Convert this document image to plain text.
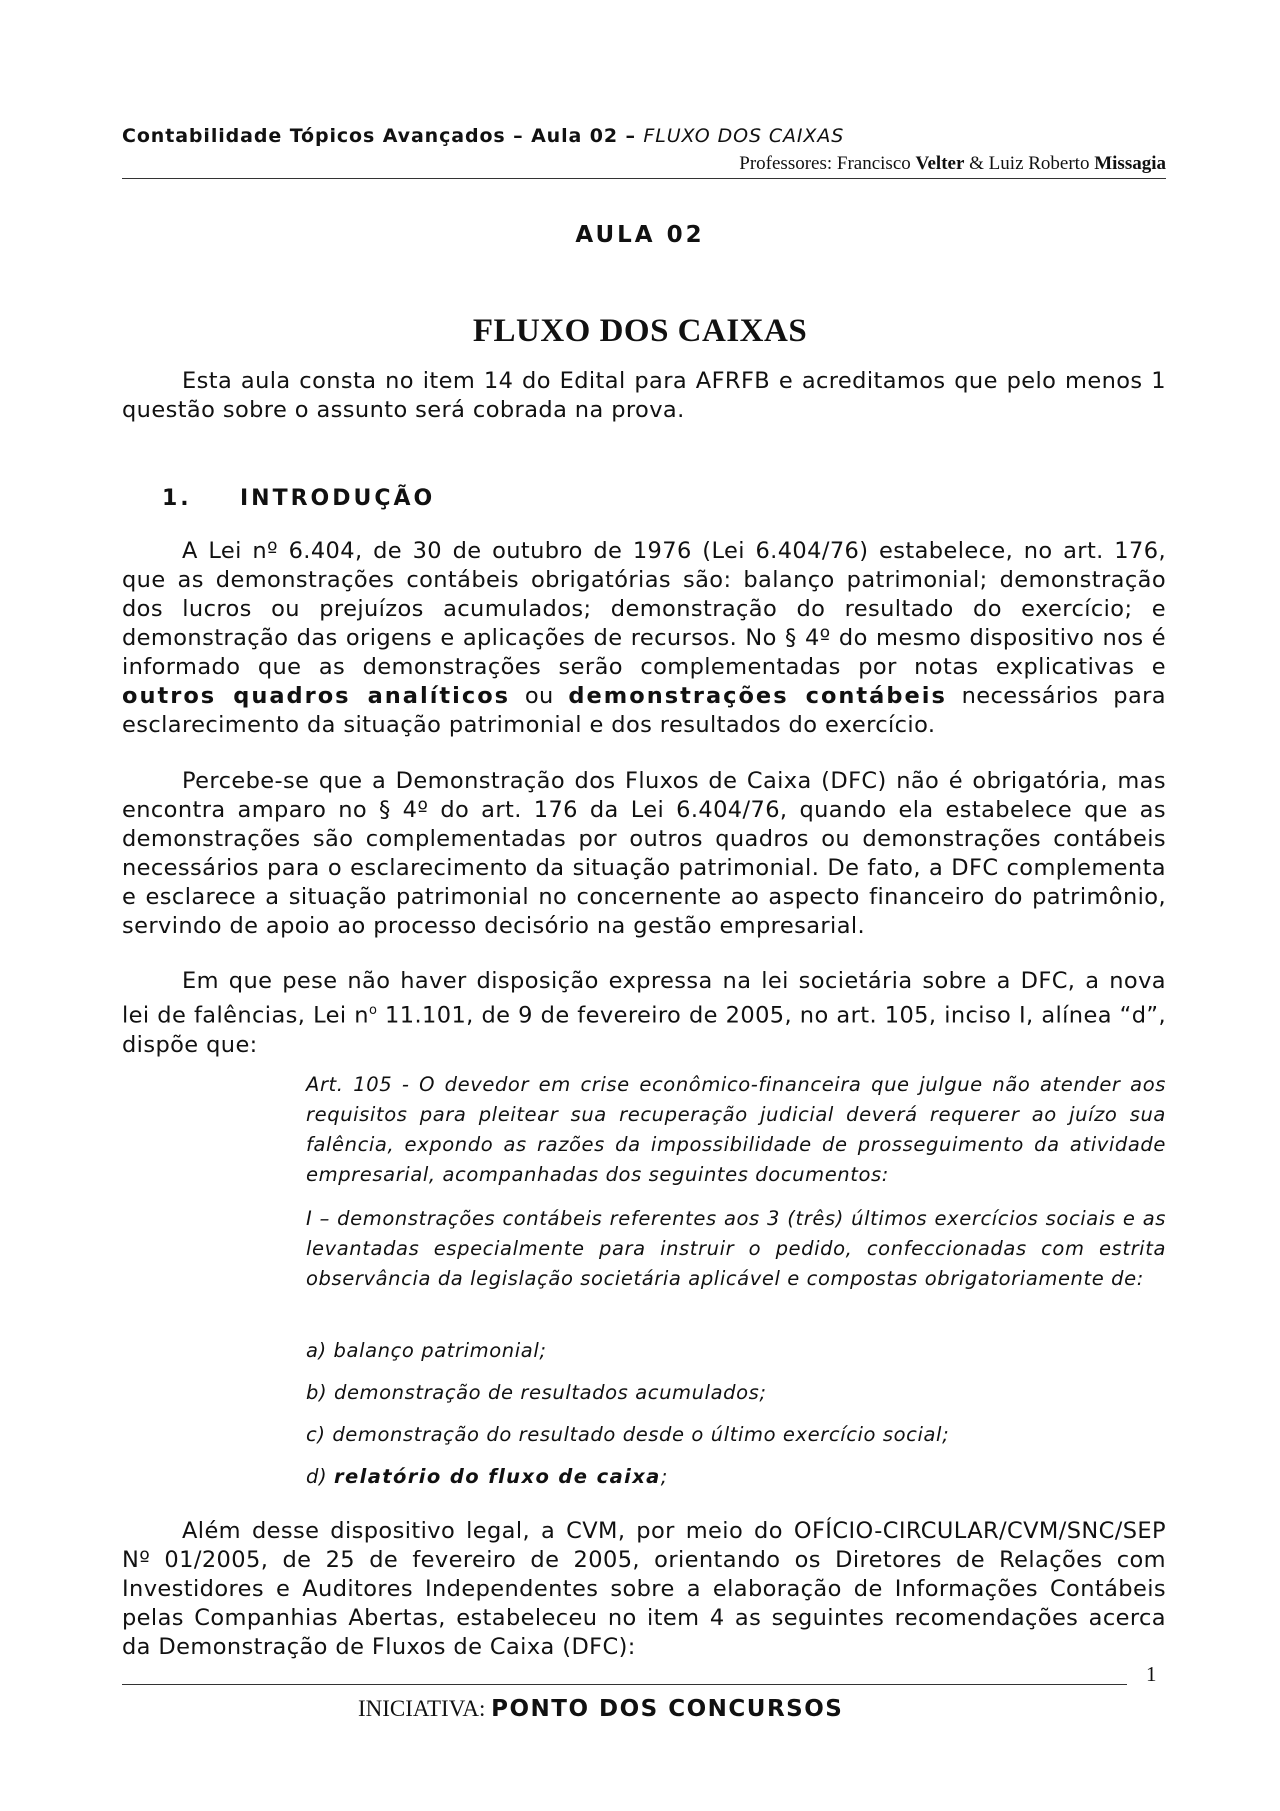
Contabilidade Tópicos Avançados – Aula 02 – FLUXO DOS CAIXAS
Professores: Francisco Velter & Luiz Roberto Missagia
AULA 02
FLUXO DOS CAIXAS

Esta aula consta no item 14 do Edital para AFRFB e acreditamos que pelo menos 1 questão sobre o assunto será cobrada na prova.

1. INTRODUÇÃO

A Lei nº 6.404, de 30 de outubro de 1976 (Lei 6.404/76) estabelece, no art. 176, que as demonstrações contábeis obrigatórias são: balanço patrimonial; demonstração dos lucros ou prejuízos acumulados; demonstração do resultado do exercício; e demonstração das origens e aplicações de recursos. No § 4º do mesmo dispositivo nos é informado que as demonstrações serão complementadas por notas explicativas e outros quadros analíticos ou demonstrações contábeis necessários para esclarecimento da situação patrimonial e dos resultados do exercício.

Percebe-se que a Demonstração dos Fluxos de Caixa (DFC) não é obrigatória, mas encontra amparo no § 4º do art. 176 da Lei 6.404/76, quando ela estabelece que as demonstrações são complementadas por outros quadros ou demonstrações contábeis necessários para o esclarecimento da situação patrimonial. De fato, a DFC complementa e esclarece a situação patrimonial no concernente ao aspecto financeiro do patrimônio, servindo de apoio ao processo decisório na gestão empresarial.

Em que pese não haver disposição expressa na lei societária sobre a DFC, a nova lei de falências, Lei $n^o$ 11.101, de 9 de fevereiro de 2005, no art. 105, inciso I, alínea “d”, dispõe que:

Art. 105 - O devedor em crise econômico-financeira que julgue não atender aos requisitos para pleitear sua recuperação judicial deverá requerer ao juízo sua falência, expondo as razões da impossibilidade de prosseguimento da atividade empresarial, acompanhadas dos seguintes documentos:

I – demonstrações contábeis referentes aos 3 (três) últimos exercícios sociais e as levantadas especialmente para instruir o pedido, confeccionadas com estrita observância da legislação societária aplicável e compostas obrigatoriamente de:

a) balanço patrimonial;

b) demonstração de resultados acumulados;

c) demonstração do resultado desde o último exercício social;

d) relatório do fluxo de caixa;

Além desse dispositivo legal, a CVM, por meio do OFÍCIO-CIRCULAR/CVM/SNC/SEP Nº 01/2005, de 25 de fevereiro de 2005, orientando os Diretores de Relações com Investidores e Auditores Independentes sobre a elaboração de Informações Contábeis pelas Companhias Abertas, estabeleceu no item 4 as seguintes recomendações acerca da Demonstração de Fluxos de Caixa (DFC):

INICIATIVA: PONTO DOS CONCURSOS
1
